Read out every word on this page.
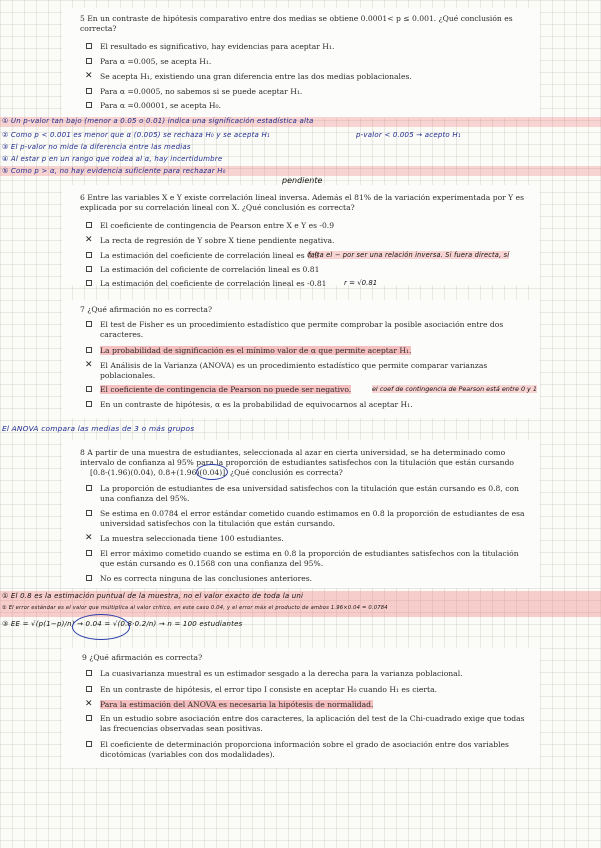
5 En un contraste de hipótesis comparativo entre dos medias se obtiene 0.0001< p ≤ 0.001. ¿Qué conclusión es correcta?
El resultado es significativo, hay evidencias para aceptar H₁.
Para α =0.005, se acepta H₁.
✕ Se acepta H₁, existiendo una gran diferencia entre las dos medias poblacionales.
Para α =0.0005, no sabemos si se puede aceptar H₁.
Para α =0.00001, se acepta H₀.
① Un p-valor tan bajo (menor a 0.05 o 0.01) indica una significación estadística alta
② Como p < 0.001 es menor que α (0.005) se rechaza H₀ y se acepta H₁	p-valor < 0.005 → acepto H₁
③ El p-valor no mide la diferencia entre las medias
④ Al estar p en un rango que rodea al α, hay incertidumbre
⑤ Como p > α, no hay evidencia suficiente para rechazar H₀
pendiente
6 Entre las variables X e Y existe correlación lineal inversa. Además el 81% de la variación experimentada por Y es explicada por su correlación lineal con X. ¿Qué conclusión es correcta?
El coeficiente de contingencia de Pearson entre X e Y es -0.9
✕ La recta de regresión de Y sobre X tiene pendiente negativa.
La estimación del coeficiente de correlación lineal es 0.9
falta el − por ser una relación inversa. Si fuera directa, sí
La estimación del coficiente de correlación lineal es 0.81
La estimación del coeficiente de correlación lineal es -0.81	r = √0.81
7 ¿Qué afirmación no es correcta?
El test de Fisher es un procedimiento estadístico que permite comprobar la posible asociación entre dos caracteres.
La probabilidad de significación es el mínimo valor de α que permite aceptar H₁.
✕ El Análisis de la Varianza (ANOVA) es un procedimiento estadístico que permite comparar varianzas poblacionales.
El coeficiente de contingencia de Pearson no puede ser negativo.	el coef de contingencia de Pearson está entre 0 y 1
En un contraste de hipótesis, α es la probabilidad de equivocarnos al aceptar H₁.
El ANOVA compara las medias de 3 o más grupos
8 A partir de una muestra de estudiantes, seleccionada al azar en cierta universidad, se ha determinado como intervalo de confianza al 95% para la proporción de estudiantes satisfechos con la titulación que están cursando
[0.8-(1.96)(0.04), 0.8+(1.96)(0.04)]. ¿Qué conclusión es correcta?
La proporción de estudiantes de esa universidad satisfechos con la titulación que están cursando es 0.8, con una confianza del 95%.
Se estima en 0.0784 el error estándar cometido cuando estimamos en 0.8 la proporción de estudiantes de esa universidad satisfechos con la titulación que están cursando.
✕ La muestra seleccionada tiene 100 estudiantes.
El error máximo cometido cuando se estima en 0.8 la proporción de estudiantes satisfechos con la titulación que están cursando es 0.1568 con una confianza del 95%.
No es correcta ninguna de las conclusiones anteriores.
① El 0.8 es la estimación puntual de la muestra, no el valor exacto de toda la uni
② El error estándar es el valor que multiplica al valor crítico, en este caso 0.04, y el error máx el producto de ambos 1.96×0.04 = 0.0784
③ EE = √(p(1−p)/n) → 0.04 = √(0.8·0.2/n) → n = 100 estudiantes
9 ¿Qué afirmación es correcta?
La cuasivarianza muestral es un estimador sesgado a la derecha para la varianza poblacional.
En un contraste de hipótesis, el error tipo I consiste en aceptar H₀ cuando H₁ es cierta.
✕ Para la estimación del ANOVA es necesaria la hipótesis de normalidad.
En un estudio sobre asociación entre dos caracteres, la aplicación del test de la Chi-cuadrado exige que todas las frecuencias observadas sean positivas.
El coeficiente de determinación proporciona información sobre el grado de asociación entre dos variables dicotómicas (variables con dos modalidades).
